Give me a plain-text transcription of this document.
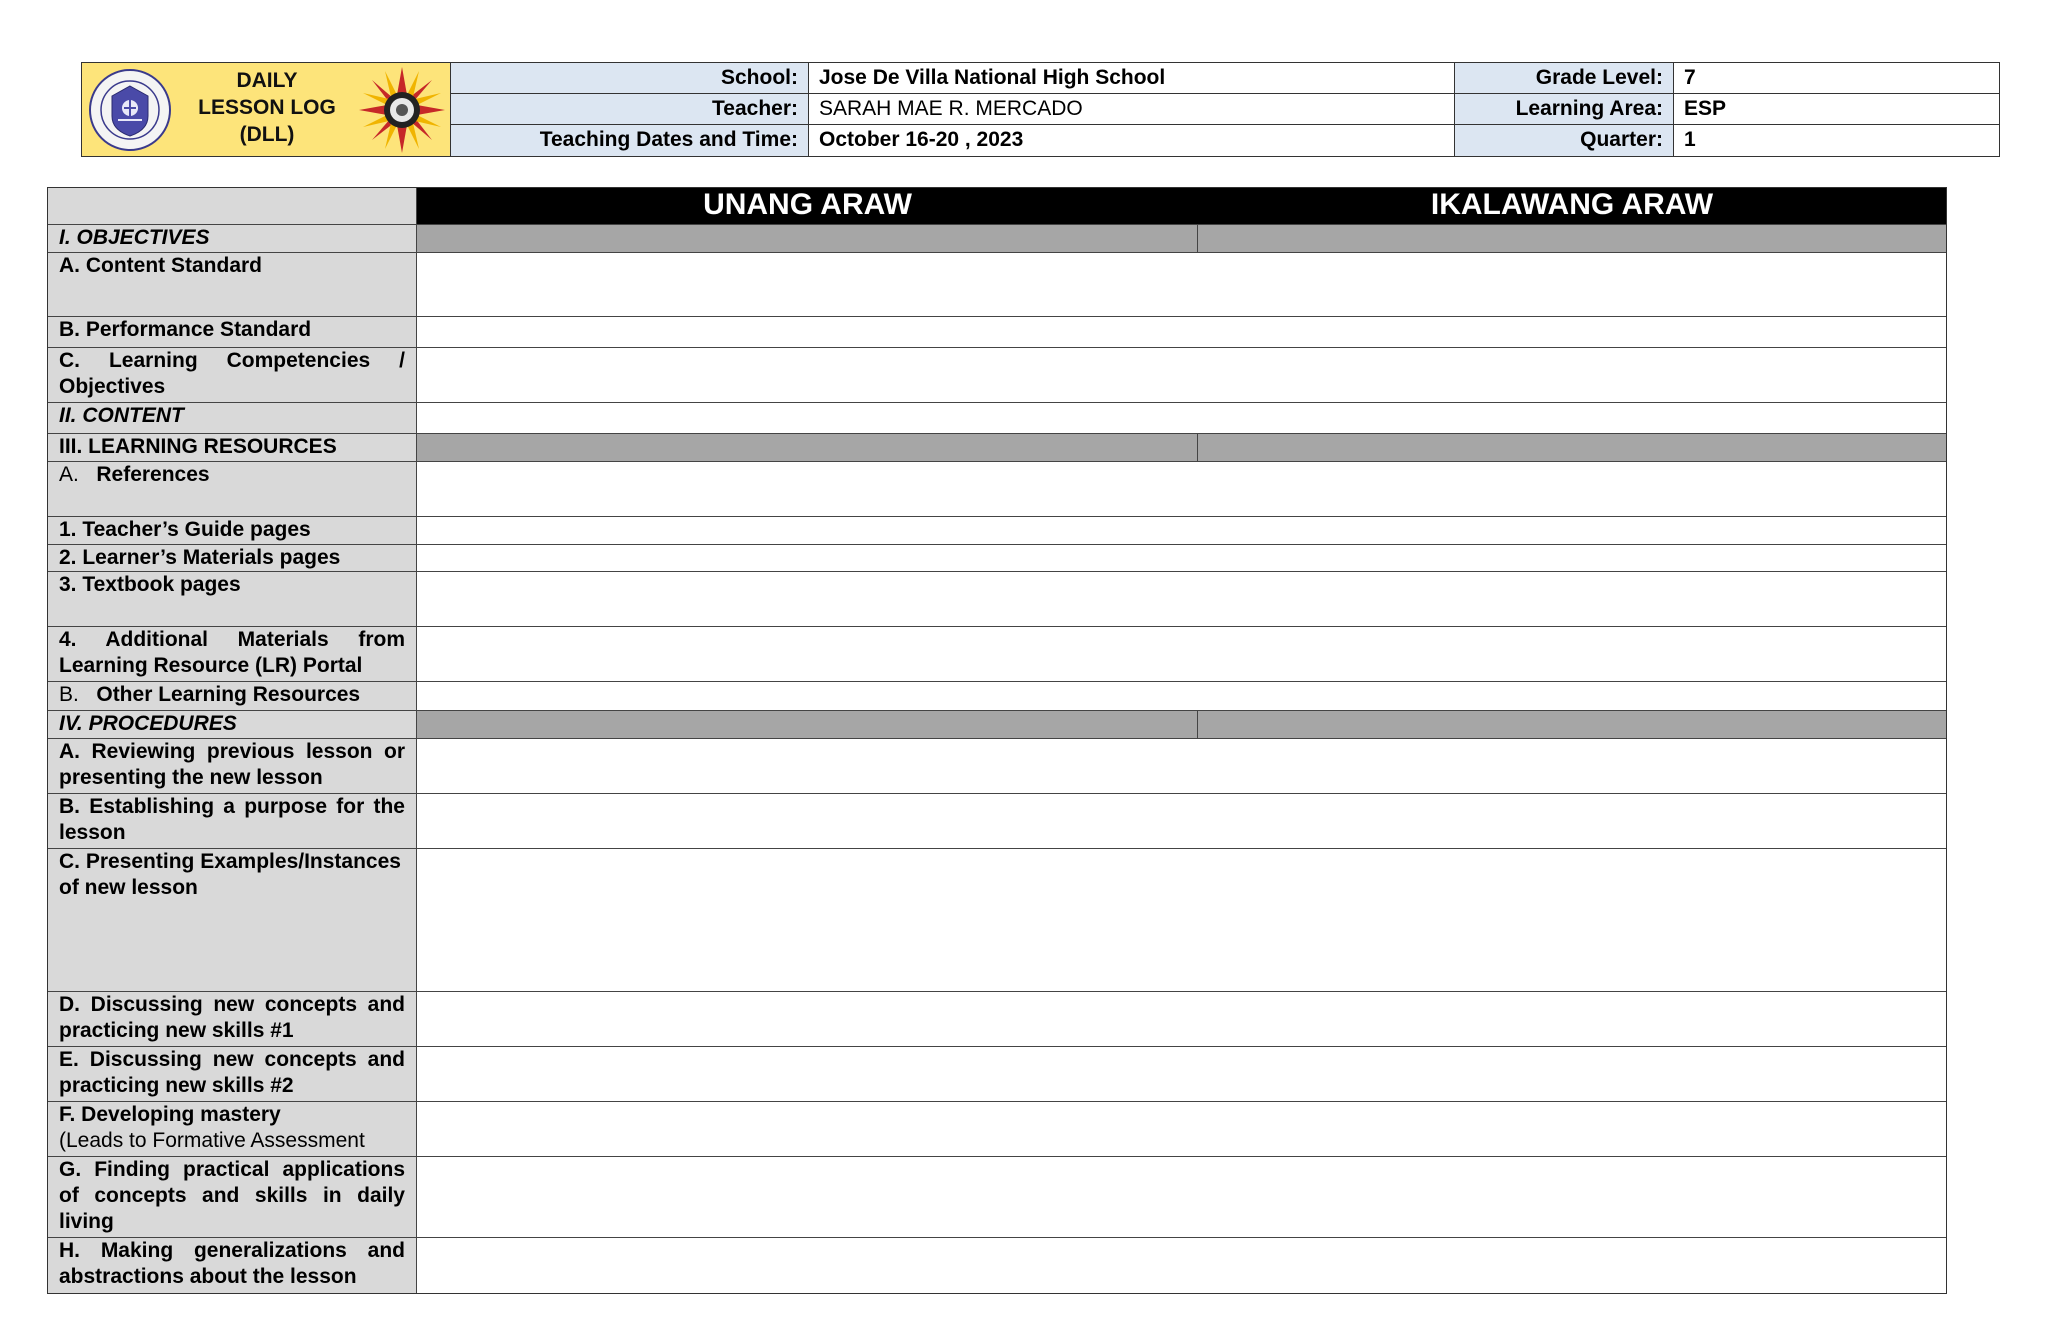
DAILY
LESSON LOG
(DLL)
School:	Jose De Villa National High School	Grade Level:	7
Teacher:	SARAH MAE R. MERCADO	Learning Area:	ESP
Teaching Dates and Time:	October 16-20 , 2023	Quarter:	1
UNANG ARAW	IKALAWANG ARAW
I. OBJECTIVES
A. Content Standard
B. Performance Standard
C. Learning Competencies / Objectives
II. CONTENT
III. LEARNING RESOURCES
A. References
1. Teacher’s Guide pages
2. Learner’s Materials pages
3. Textbook pages
4. Additional Materials from Learning Resource (LR) Portal
B. Other Learning Resources
IV. PROCEDURES
A. Reviewing previous lesson or presenting the new lesson
B. Establishing a purpose for the lesson
C. Presenting Examples/Instances of new lesson
D. Discussing new concepts and practicing new skills #1
E. Discussing new concepts and practicing new skills #2
F. Developing mastery
(Leads to Formative Assessment
G. Finding practical applications of concepts and skills in daily living
H. Making generalizations and abstractions about the lesson
